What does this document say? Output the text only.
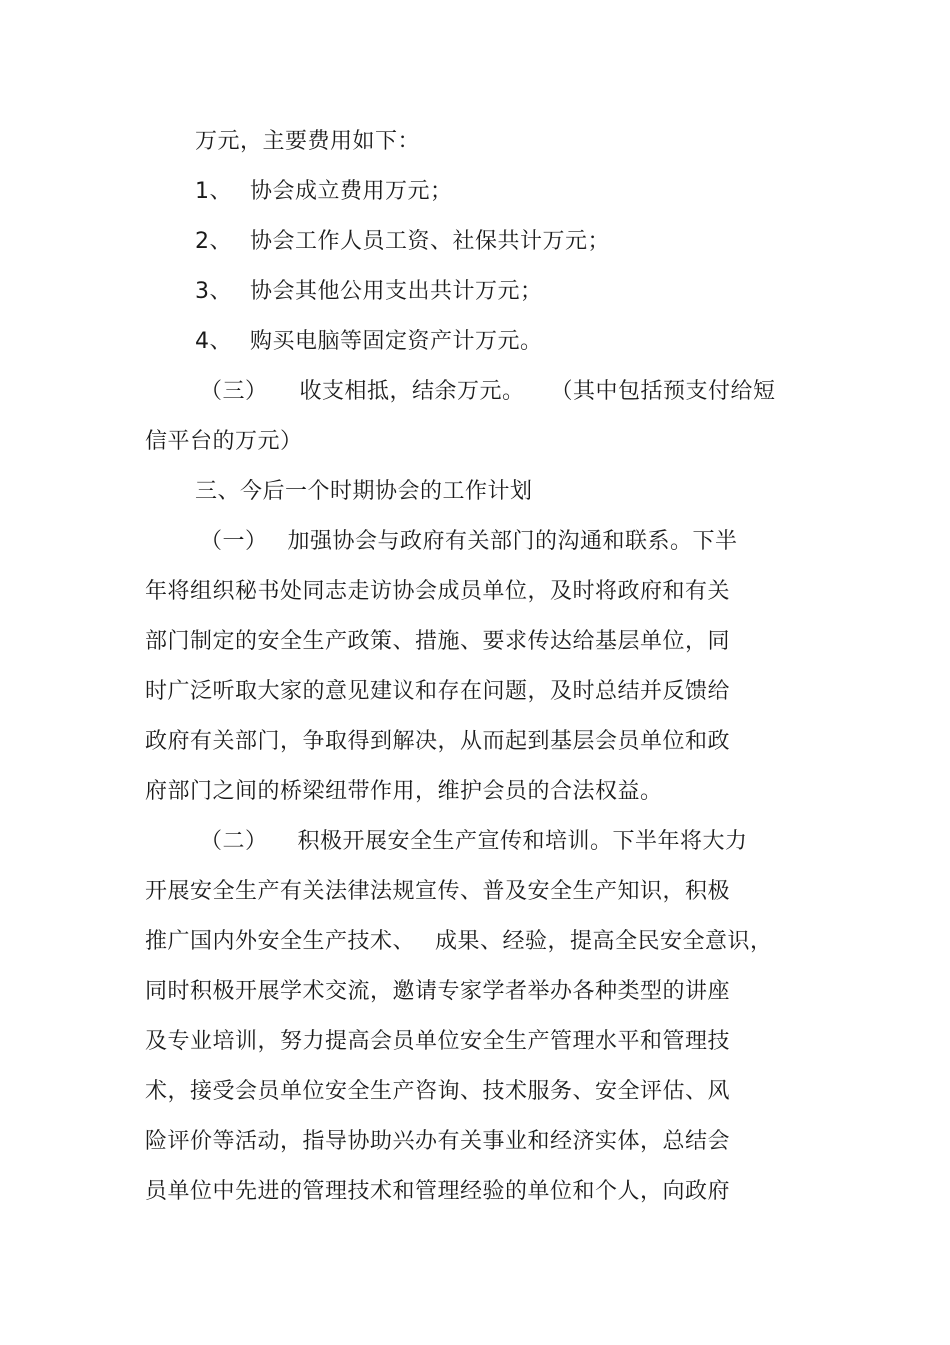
万元，主要费用如下：
1、 协会成立费用万元；
2、 协会工作人员工资、社保共计万元；
3、 协会其他公用支出共计万元；
4、 购买电脑等固定资产计万元。
（三） 收支相抵，结余万元。 （其中包括预支付给短
信平台的万元）
三、今后一个时期协会的工作计划
（一） 加强协会与政府有关部门的沟通和联系。下半
年将组织秘书处同志走访协会成员单位，及时将政府和有关
部门制定的安全生产政策、措施、要求传达给基层单位，同
时广泛听取大家的意见建议和存在问题，及时总结并反馈给
政府有关部门，争取得到解决，从而起到基层会员单位和政
府部门之间的桥梁纽带作用，维护会员的合法权益。
（二） 积极开展安全生产宣传和培训。下半年将大力
开展安全生产有关法律法规宣传、普及安全生产知识，积极
推广国内外安全生产技术、 成果、经验，提高全民安全意识，
同时积极开展学术交流，邀请专家学者举办各种类型的讲座
及专业培训，努力提高会员单位安全生产管理水平和管理技
术，接受会员单位安全生产咨询、技术服务、安全评估、风
险评价等活动，指导协助兴办有关事业和经济实体，总结会
员单位中先进的管理技术和管理经验的单位和个人，向政府
